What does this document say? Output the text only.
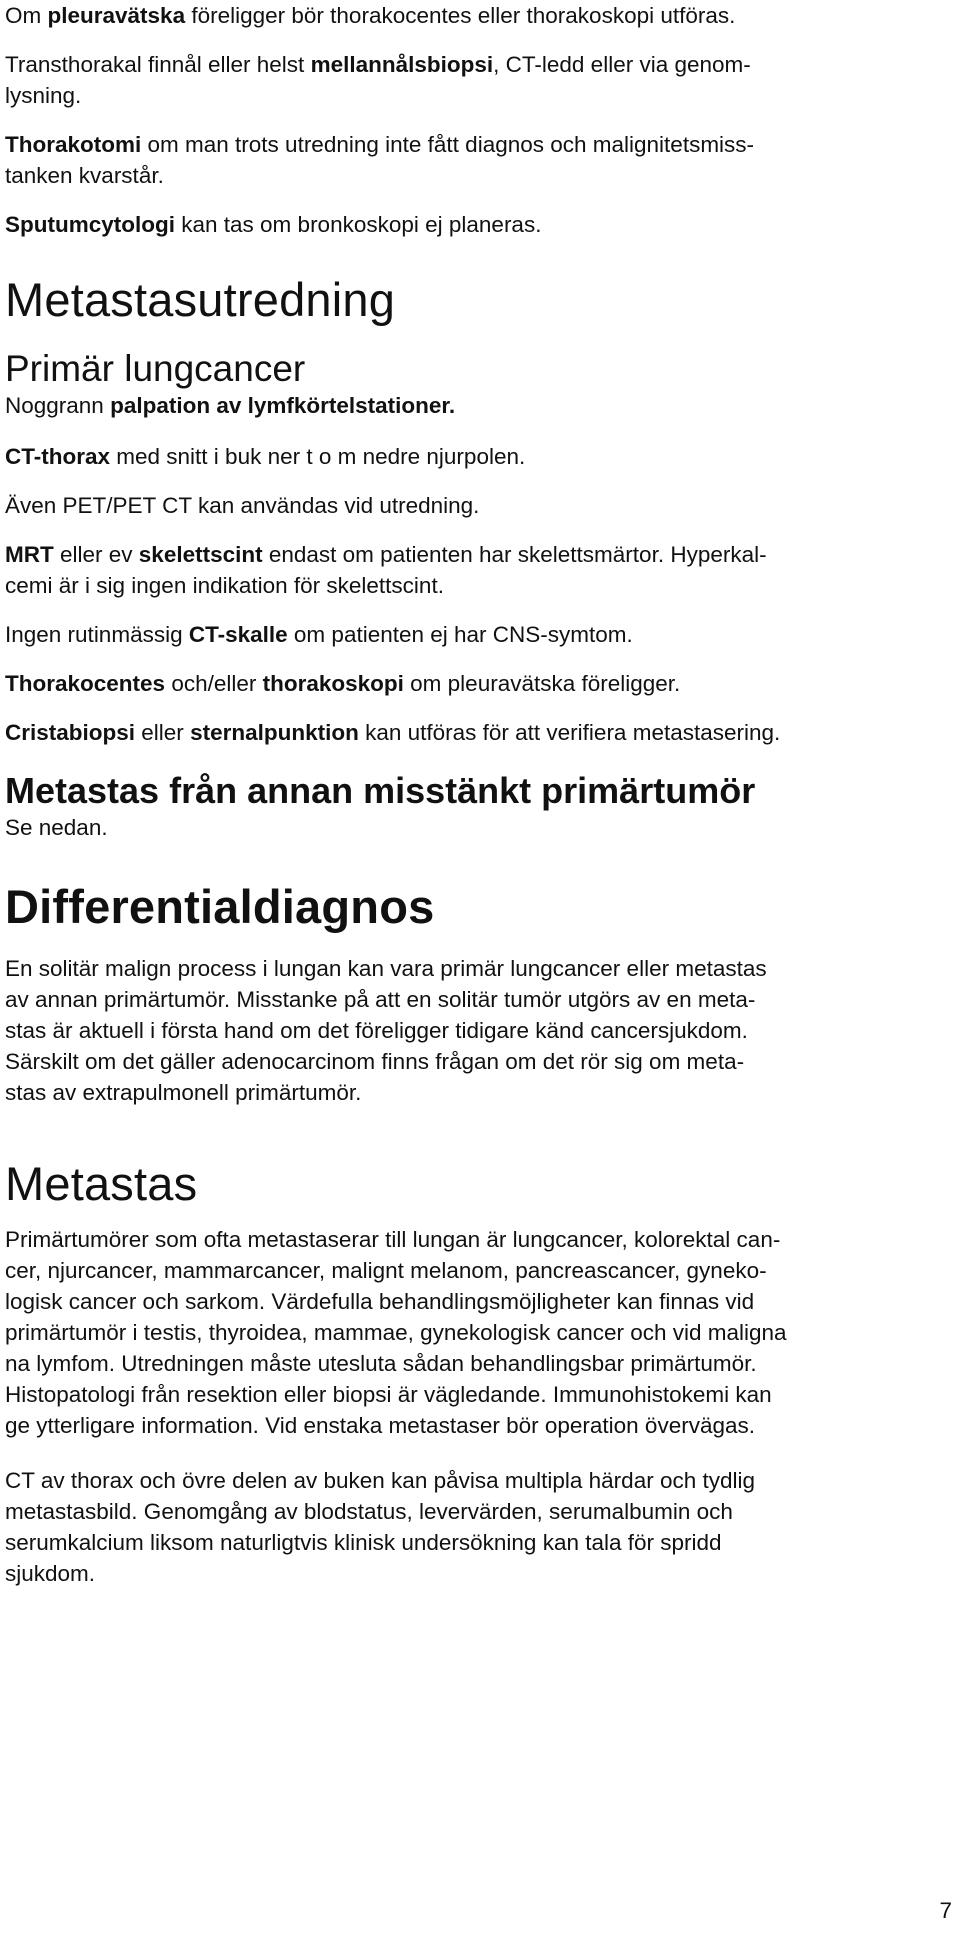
Om pleuravätska föreligger bör thorakocentes eller thorakoskopi utföras.

Transthorakal finnål eller helst mellannålsbiopsi, CT-ledd eller via genom-
lysning.

Thorakotomi om man trots utredning inte fått diagnos och malignitetsmiss-
tanken kvarstår.

Sputumcytologi kan tas om bronkoskopi ej planeras.

Metastasutredning
Primär lungcancer

Noggrann palpation av lymfkörtelstationer.

CT-thorax med snitt i buk ner t o m nedre njurpolen.

Även PET/PET CT kan användas vid utredning.

MRT eller ev skelettscint endast om patienten har skelettsmärtor. Hyperkal-
cemi är i sig ingen indikation för skelettscint.

Ingen rutinmässig CT-skalle om patienten ej har CNS-symtom.

Thorakocentes och/eller thorakoskopi om pleuravätska föreligger.

Cristabiopsi eller sternalpunktion kan utföras för att verifiera metastasering.

Metastas från annan misstänkt primärtumör

Se nedan.

Differentialdiagnos

En solitär malign process i lungan kan vara primär lungcancer eller metastas
av annan primärtumör. Misstanke på att en solitär tumör utgörs av en meta-
stas är aktuell i första hand om det föreligger tidigare känd cancersjukdom.
Särskilt om det gäller adenocarcinom finns frågan om det rör sig om meta-
stas av extrapulmonell primärtumör.

Metastas

Primärtumörer som ofta metastaserar till lungan är lungcancer, kolorektal can-
cer, njurcancer, mammarcancer, malignt melanom, pancreascancer, gyneko-
logisk cancer och sarkom. Värdefulla behandlingsmöjligheter kan finnas vid
primärtumör i testis, thyroidea, mammae, gynekologisk cancer och vid maligna
na lymfom. Utredningen måste utesluta sådan behandlingsbar primärtumör.
Histopatologi från resektion eller biopsi är vägledande. Immunohistokemi kan
ge ytterligare information. Vid enstaka metastaser bör operation övervägas.

CT av thorax och övre delen av buken kan påvisa multipla härdar och tydlig
metastasbild. Genomgång av blodstatus, levervärden, serumalbumin och
serumkalcium liksom naturligtvis klinisk undersökning kan tala för spridd
sjukdom.

7
